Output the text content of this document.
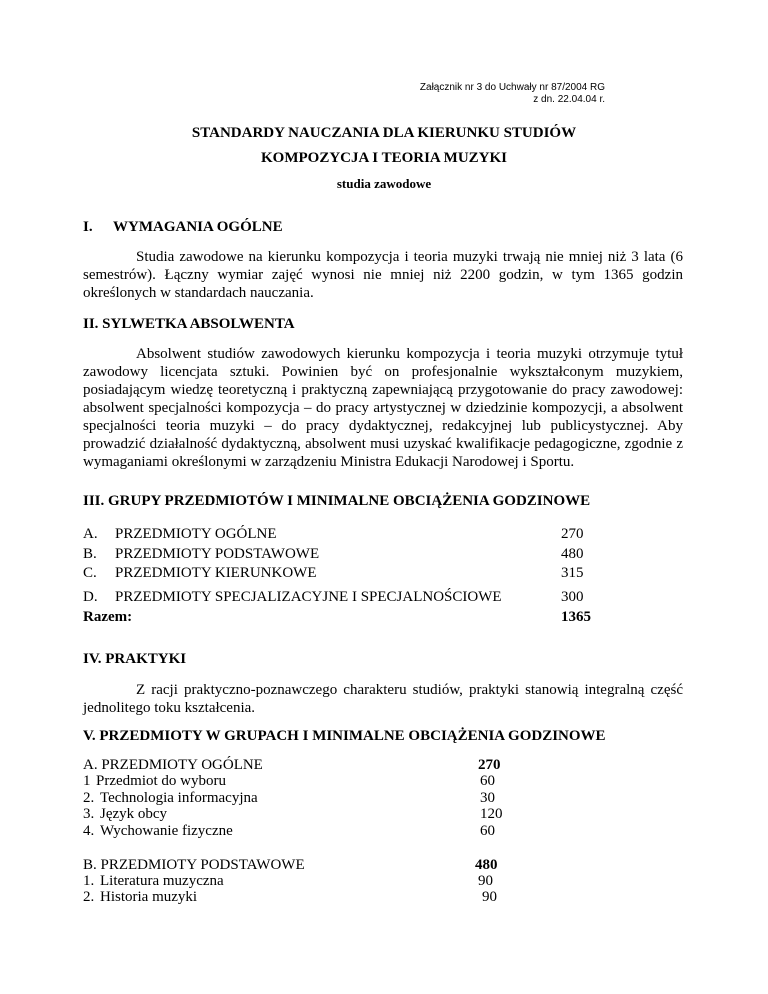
Załącznik nr 3 do Uchwały nr 87/2004 RG
z dn. 22.04.04 r.
STANDARDY NAUCZANIA DLA KIERUNKU STUDIÓW
KOMPOZYCJA I TEORIA MUZYKI
studia zawodowe
I. WYMAGANIA OGÓLNE
Studia zawodowe na kierunku kompozycja i teoria muzyki trwają nie mniej niż 3 lata (6 semestrów). Łączny wymiar zajęć wynosi nie mniej niż 2200 godzin, w tym 1365 godzin określonych w standardach nauczania.
II. SYLWETKA ABSOLWENTA
Absolwent studiów zawodowych kierunku kompozycja i teoria muzyki otrzymuje tytuł zawodowy licencjata sztuki. Powinien być on profesjonalnie wykształconym muzykiem, posiadającym wiedzę teoretyczną i praktyczną zapewniającą przygotowanie do pracy zawodowej: absolwent specjalności kompozycja – do pracy artystycznej w dziedzinie kompozycji, a absolwent specjalności teoria muzyki – do pracy dydaktycznej, redakcyjnej lub publicystycznej. Aby prowadzić działalność dydaktyczną, absolwent musi uzyskać kwalifikacje pedagogiczne, zgodnie z wymaganiami określonymi w zarządzeniu Ministra Edukacji Narodowej i Sportu.
III. GRUPY PRZEDMIOTÓW I MINIMALNE OBCIĄŻENIA GODZINOWE
A. PRZEDMIOTY OGÓLNE	270
B. PRZEDMIOTY PODSTAWOWE	480
C. PRZEDMIOTY KIERUNKOWE	315
D. PRZEDMIOTY SPECJALIZACYJNE I SPECJALNOŚCIOWE	300
Razem:	1365
IV. PRAKTYKI
Z racji praktyczno-poznawczego charakteru studiów, praktyki stanowią integralną część jednolitego toku kształcenia.
V. PRZEDMIOTY W GRUPACH I MINIMALNE OBCIĄŻENIA GODZINOWE
A. PRZEDMIOTY OGÓLNE	270
1 Przedmiot do wyboru	60
2. Technologia informacyjna	30
3. Język obcy	120
4. Wychowanie fizyczne	60
B. PRZEDMIOTY PODSTAWOWE	480
1. Literatura muzyczna	90
2. Historia muzyki	90
